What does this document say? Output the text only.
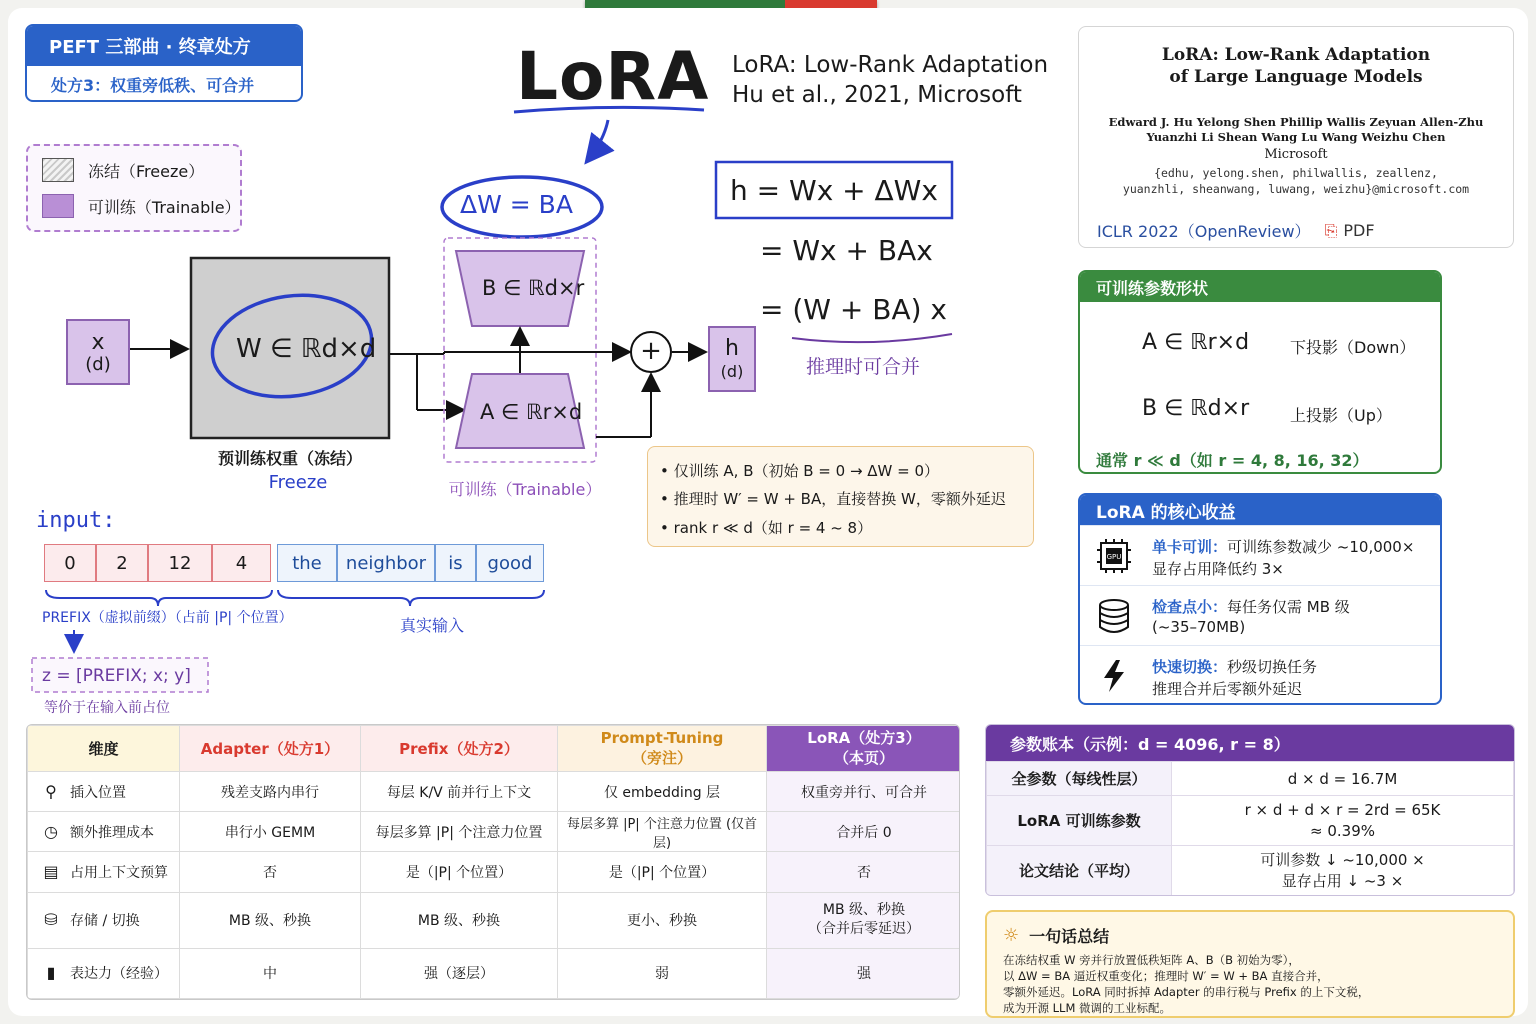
PEFT 三部曲 · 终章处方
处方3：权重旁低秩、可合并
冻结（Freeze）
可训练（Trainable）
LoRA LoRA: Low-Rank Adaptation
Hu et al., 2021, Microsoft
ΔW = BA
x
(d)
W ∈ ℝd×d
预训练权重（冻结）
Freeze
B ∈ ℝd×r
A ∈ ℝr×d
可训练（Trainable）
+	h
(d)
h = Wx + ΔWx
= Wx + BAx
= (W + BA) x
推理时可合并
LoRA: Low-Rank Adaptation
of Large Language Models
Edward J. Hu Yelong Shen Phillip Wallis Zeyuan Allen-Zhu
Yuanzhi Li Shean Wang Lu Wang Weizhu Chen
Microsoft
{edhu, yelong.shen, philwallis, zeallenz,
yuanzhli, sheanwang, luwang, weizhu}@microsoft.com
ICLR 2022（OpenReview） ⎘ PDF
可训练参数形状
A ∈ ℝr×d	下投影（Down）
B ∈ ℝd×r	上投影（Up）
通常 r ≪ d（如 r = 4, 8, 16, 32）
• 仅训练 A, B（初始 B = 0 → ΔW = 0）
• 推理时 W′ = W + BA，直接替换 W，零额外延迟
• rank r ≪ d（如 r = 4 ~ 8）
LoRA 的核心收益
GPU
单卡可训：可训练参数减少 ~10,000×
显存占用降低约 3×
检查点小：每任务仅需 MB 级
(~35–70MB)
快速切换：秒级切换任务
推理合并后零额外延迟
input:
0	2	12	4	the	neighbor	is	good
PREFIX（虚拟前缀）（占前 |P| 个位置）	真实输入
z = [PREFIX; x; y]
等价于在输入前占位
维度	Adapter（处方1）	Prefix（处方2）	Prompt-Tuning
（旁注）	LoRA（处方3）
（本页）
⚲ 插入位置	残差支路内串行	每层 K/V 前并行上下文	仅 embedding 层	权重旁并行、可合并
◷ 额外推理成本	串行小 GEMM	每层多算 |P| 个注意力位置	每层多算 |P| 个注意力位置 (仅首层)	合并后 0
▤ 占用上下文预算	否	是（|P| 个位置）	是（|P| 个位置）	否
⛁ 存储 / 切换	MB 级、秒换	MB 级、秒换	更小、秒换	MB 级、秒换
（合并后零延迟）
▮ 表达力（经验）	中	强（逐层）	弱	强
参数账本（示例：d = 4096, r = 8）
全参数（每线性层）	d × d = 16.7M
LoRA 可训练参数	r × d + d × r = 2rd = 65K
≈ 0.39%
论文结论（平均）	可训参数 ↓ ~10,000 ×
显存占用 ↓ ~3 ×
☼ 一句话总结
在冻结权重 W 旁并行放置低秩矩阵 A、B（B 初始为零），
以 ΔW = BA 逼近权重变化；推理时 W′ = W + BA 直接合并，
零额外延迟。LoRA 同时拆掉 Adapter 的串行税与 Prefix 的上下文税，
成为开源 LLM 微调的工业标配。
